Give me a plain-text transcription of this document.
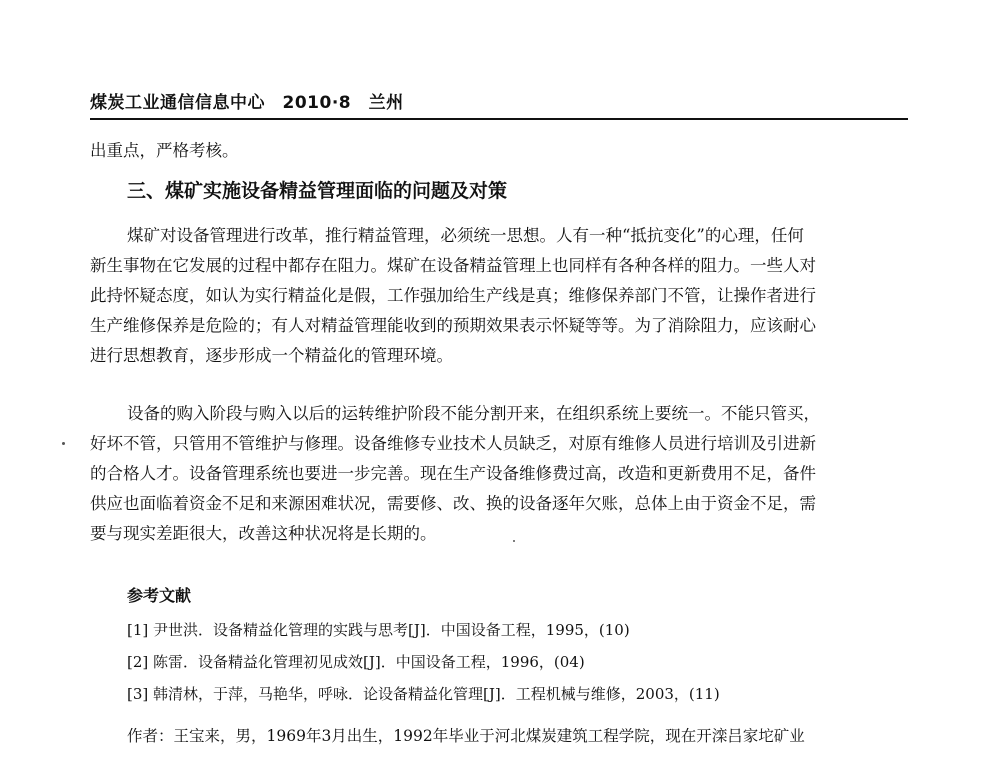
煤炭工业通信信息中心　2010·8　兰州
出重点，严格考核。
三、煤矿实施设备精益管理面临的问题及对策
煤矿对设备管理进行改革，推行精益管理，必须统一思想。人有一种“抵抗变化”的心理，任何
新生事物在它发展的过程中都存在阻力。煤矿在设备精益管理上也同样有各种各样的阻力。一些人对
此持怀疑态度，如认为实行精益化是假，工作强加给生产线是真；维修保养部门不管，让操作者进行
生产维修保养是危险的；有人对精益管理能收到的预期效果表示怀疑等等。为了消除阻力，应该耐心
进行思想教育，逐步形成一个精益化的管理环境。
设备的购入阶段与购入以后的运转维护阶段不能分割开来，在组织系统上要统一。不能只管买，
好坏不管，只管用不管维护与修理。设备维修专业技术人员缺乏，对原有维修人员进行培训及引进新
的合格人才。设备管理系统也要进一步完善。现在生产设备维修费过高，改造和更新费用不足，备件
供应也面临着资金不足和来源困难状况，需要修、改、换的设备逐年欠账，总体上由于资金不足，需
要与现实差距很大，改善这种状况将是长期的。
参考文献
[1] 尹世洪．设备精益化管理的实践与思考[J]．中国设备工程，1995，(10)
[2] 陈雷．设备精益化管理初见成效[J]．中国设备工程，1996，(04)
[3] 韩清林，于萍，马艳华，呼咏．论设备精益化管理[J]．工程机械与维修，2003，(11)
作者：王宝来，男，1969年3月出生，1992年毕业于河北煤炭建筑工程学院，现在开滦吕家坨矿业
